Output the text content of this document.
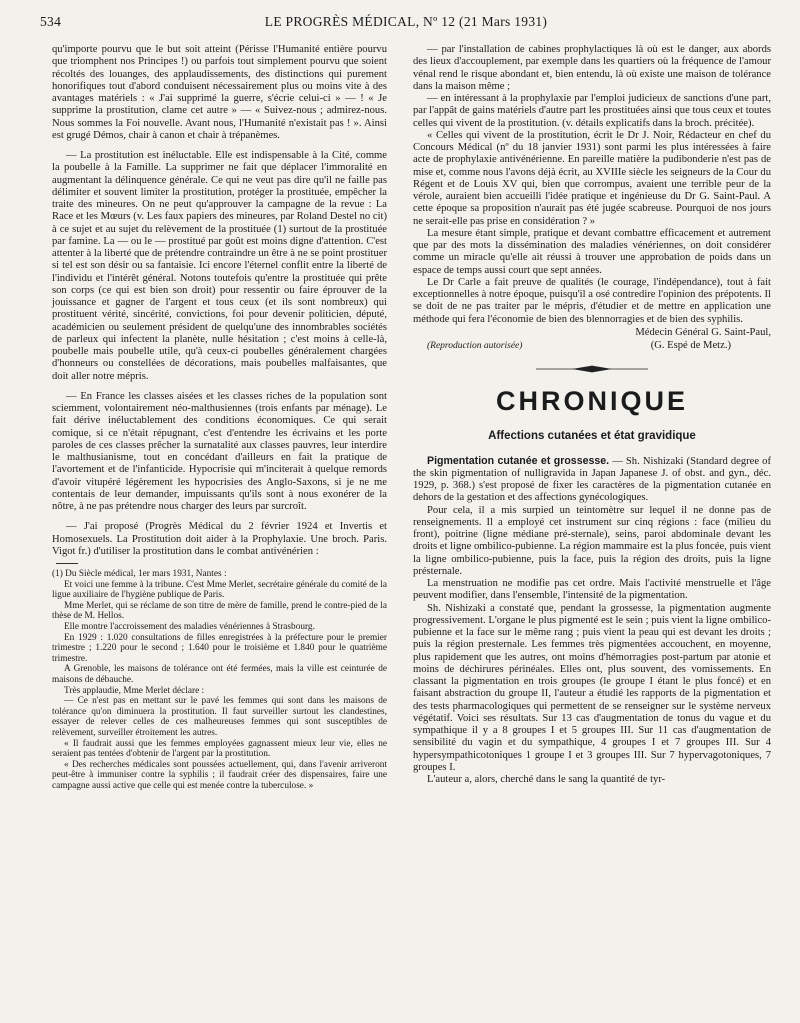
534	LE PROGRÈS MÉDICAL, Nº 12 (21 Mars 1931)

qu'importe pourvu que le but soit atteint (Périsse l'Humanité entière pourvu que triomphent nos Principes !) ou parfois tout simplement pourvu que soient récoltés des louanges, des applaudissements, des distinctions qui purement honorifiques tout d'abord conduisent nécessairement plus ou moins vite à des avantages matériels : « J'ai supprimé la guerre, s'écrie celui-ci » — ! « Je supprime la prostitution, clame cet autre » — « Suivez-nous ; admirez-nous. Nous sommes la Foi nouvelle. Avant nous, l'Humanité n'existait pas ! ». Ainsi est grugé Démos, chair à canon et chair à trépanèmes.

— La prostitution est inéluctable. Elle est indispensable à la Cité, comme la poubelle à la Famille. La supprimer ne fait que déplacer l'immoralité en augmentant la délinquence générale. Ce qui ne veut pas dire qu'il ne faille pas délimiter et souvent limiter la prostitution, protéger la prostituée, empêcher la traite des mineures. On ne peut qu'approuver la campagne de la revue : La Race et les Mœurs (v. Les faux papiers des mineures, par Roland Destel no cit) à ce sujet et au sujet du relèvement de la prostituée (1) surtout de la prostituée par famine. La — ou le — prostitué par goût est moins digne d'attention. C'est attenter à la liberté que de prétendre contraindre un être à ne se point prostituer si tel est son désir ou sa fantaisie. Ici encore l'éternel conflit entre la liberté de l'individu et l'intérêt général. Notons toutefois qu'entre la prostituée qui prête son corps (ce qui est bien son droit) pour ressentir ou faire éprouver de la jouissance et gagner de l'argent et tous ceux (et ils sont nombreux) qui prostituent vérité, sincérité, convictions, foi pour devenir politicien, député, académicien ou seulement président de quelqu'une des innombrables sociétés de parleux qui infectent la planète, nulle hésitation ; c'est moins à celle-là, poubelle mais poubelle utile, qu'à ceux-ci poubelles généralement chargées d'honneurs ou constellées de décorations, mais poubelles malfaisantes, que doit aller notre mépris.

— En France les classes aisées et les classes riches de la population sont sciemment, volontairement néo-malthusiennes (trois enfants par ménage). Le fait dérive inéluctablement des conditions économiques. Ce qui serait comique, si ce n'était répugnant, c'est d'entendre les écrivains et les porte paroles de ces classes prêcher la surnatalité aux classes pauvres, leur interdire le malthusianisme, tout en concédant d'ailleurs en fait la pratique de l'avortement et de l'infanticide. Hypocrisie qui m'inciterait à quelque remords d'avoir vitupéré légèrement les hypocrisies des Anglo-Saxons, si je ne me contentais de leur demander, impuissants qu'ils sont à nous exonérer de la nôtre, à ne pas prétendre nous charger des leurs par surcroît.

— J'ai proposé (Progrès Médical du 2 février 1924 et Invertis et Homosexuels. La Prostitution doit aider à la Prophylaxie. Une broch. Paris. Vigot fr.) d'utiliser la prostitution dans le combat antivénérien :

(1) Du Siècle médical, 1er mars 1931, Nantes :

Et voici une femme à la tribune. C'est Mme Merlet, secrétaire générale du comité de la ligue auxiliaire de l'hygiène publique de Paris.

Mme Merlet, qui se réclame de son titre de mère de famille, prend le contre-pied de la thèse de M. Hellos.

Elle montre l'accroissement des maladies vénériennes à Strasbourg.

En 1929 : 1.020 consultations de filles enregistrées à la préfecture pour le premier trimestre ; 1.220 pour le second ; 1.640 pour le troisième et 1.840 pour le quatrième trimestre.

A Grenoble, les maisons de tolérance ont été fermées, mais la ville est ceinturée de maisons de débauche.

Très applaudie, Mme Merlet déclare :

— Ce n'est pas en mettant sur le pavé les femmes qui sont dans les maisons de tolérance qu'on diminuera la prostitution. Il faut surveiller surtout les clandestines, essayer de relever celles de ces malheureuses femmes qui sont susceptibles de relèvement, surveiller étroitement les autres.

« Il faudrait aussi que les femmes employées gagnassent mieux leur vie, elles ne seraient pas tentées d'obtenir de l'argent par la prostitution.

« Des recherches médicales sont poussées actuellement, qui, dans l'avenir arriveront peut-être à immuniser contre la syphilis ; il faudrait créer des dispensaires, faire une campagne aussi active que celle qui est menée contre la tuberculose. »

— par l'installation de cabines prophylactiques là où est le danger, aux abords des lieux d'accouplement, par exemple dans les quartiers où la fréquence de l'amour vénal rend le risque abondant et, bien entendu, là où existe une maison de tolérance dans la maison même ;

— en intéressant à la prophylaxie par l'emploi judicieux de sanctions d'une part, par l'appât de gains matériels d'autre part les prostituées ainsi que tous ceux et toutes celles qui vivent de la prostitution. (v. détails explicatifs dans la broch. précitée).

« Celles qui vivent de la prostitution, écrit le Dr J. Noir, Rédacteur en chef du Concours Médical (nº du 18 janvier 1931) sont parmi les plus intéressées à faire acte de prophylaxie antivénérienne. En pareille matière la pudibonderie n'est pas de mise et, comme nous l'avons déjà écrit, au XVIIIe siècle les seigneurs de la Cour du Régent et de Louis XV qui, bien que corrompus, avaient une terrible peur de la vérole, auraient bien accueilli l'idée pratique et ingénieuse du Dr G. Saint-Paul. A cette époque sa proposition n'aurait pas été jugée scabreuse. Pourquoi de nos jours ne serait-elle pas prise en considération ? »

La mesure étant simple, pratique et devant combattre efficacement et autrement que par des mots la dissémination des maladies vénériennes, on doit considérer comme un miracle qu'elle ait réussi à trouver une approbation de poids dans un espace de temps aussi court que sept années.

Le Dr Carle a fait preuve de qualités (le courage, l'indépendance), tout à fait exceptionnelles à notre époque, puisqu'il a osé contredire l'opinion des prépotents. Il se doit de ne pas traiter par le mépris, d'étudier et de mettre en application une méthode qui fera l'économie de bien des blennorragies et de bien des syphilis.

Médecin Général G. Saint-Paul,
(Reproduction autorisée)	(G. Espé de Metz.)
CHRONIQUE
Affections cutanées et état gravidique

Pigmentation cutanée et grossesse. — Sh. Nishizaki (Standard degree of the skin pigmentation of nulligravida in Japan Japanese J. of obst. and gyn., déc. 1929, p. 368.) s'est proposé de fixer les caractères de la pigmentation cutanée en dehors de la gestation et des affections gynécologiques.

Pour cela, il a mis surpied un teintomètre sur lequel il ne donne pas de renseignements. Il a employé cet instrument sur cinq régions : face (milieu du front), poitrine (ligne médiane pré-sternale), seins, paroi abdominale devant les droits et ligne ombilico-pubienne. La région mammaire est la plus foncée, puis vient la ligne ombilico-pubienne, puis la face, puis la région des droits, puis la ligne présternale.

La menstruation ne modifie pas cet ordre. Mais l'activité menstruelle et l'âge peuvent modifier, dans l'ensemble, l'intensité de la pigmentation.

Sh. Nishizaki a constaté que, pendant la grossesse, la pigmentation augmente progressivement. L'organe le plus pigmenté est le sein ; puis vient la ligne ombilico-pubienne et la face sur le même rang ; puis vient la peau qui est devant les droits ; puis la région presternale. Les femmes très pigmentées accouchent, en moyenne, plus rapidement que les autres, ont moins d'hémorragies post-partum par atonie et moins de déchirures périnéales. Elles ont, plus souvent, des vomissements. En classant la pigmentation en trois groupes (le groupe I étant le plus foncé) et en faisant abstraction du groupe II, l'auteur a étudié les rapports de la pigmentation et des tests pharmacologiques qui permettent de se renseigner sur le système nerveux végétatif. Voici ses résultats. Sur 13 cas d'augmentation de tonus du vague et du sympathique il y a 8 groupes I et 5 groupes III. Sur 11 cas d'augmentation de sensibilité du vagin et du sympathique, 4 groupes I et 7 groupes III. Sur 4 hypersympathicotoniques 1 groupe I et 3 groupes III. Sur 7 hypervagotoniques, 7 groupes I.

L'auteur a, alors, cherché dans le sang la quantité de tyr-
